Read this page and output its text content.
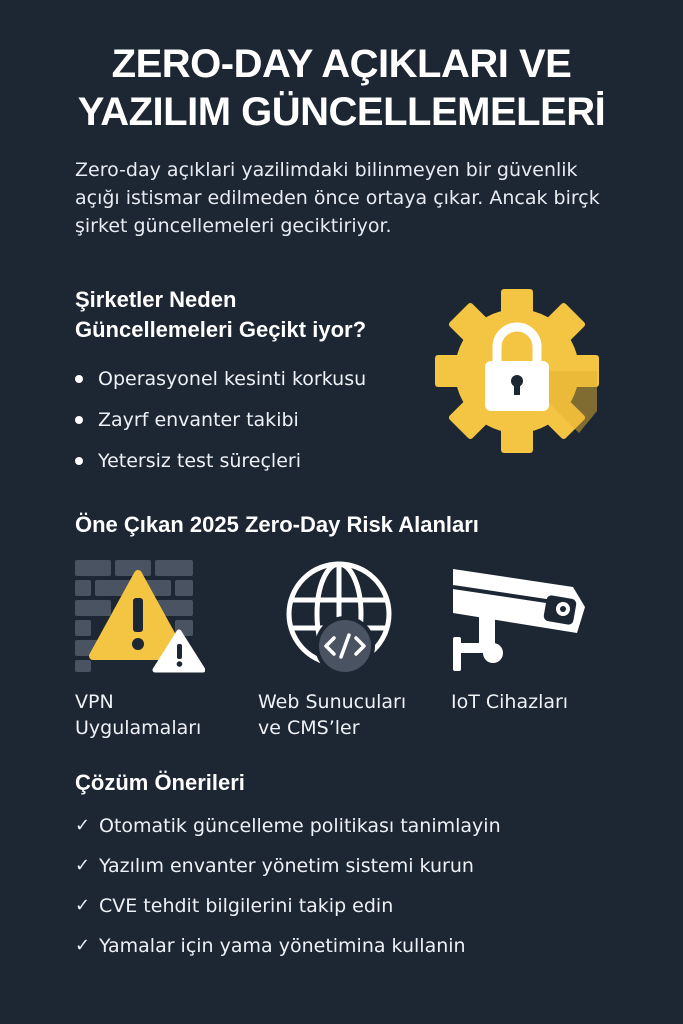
ZERO-DAY AÇIKLARI VE
YAZILIM GÜNCELLEMELERİ
Zero-day açıklari yazilimdaki bilinmeyen bir güvenlik
açığı istismar edilmeden önce ortaya çıkar. Ancak birçk
şirket güncellemeleri geciktiriyor.
Şirketler Neden
Güncellemeleri Geçikt iyor?
Operasyonel kesinti korkusu
Zayrf envanter takibi
Yetersiz test süreçleri
Öne Çıkan 2025 Zero-Day Risk Alanları
VPN
Uygulamaları
Web Sunucuları
ve CMS’ler
IoT Cihazları
Çözüm Önerileri
✓ Otomatik güncelleme politikası tanimlayin
✓ Yazılım envanter yönetim sistemi kurun
✓ CVE tehdit bilgilerini takip edin
✓ Yamalar için yama yönetimina kullanin
